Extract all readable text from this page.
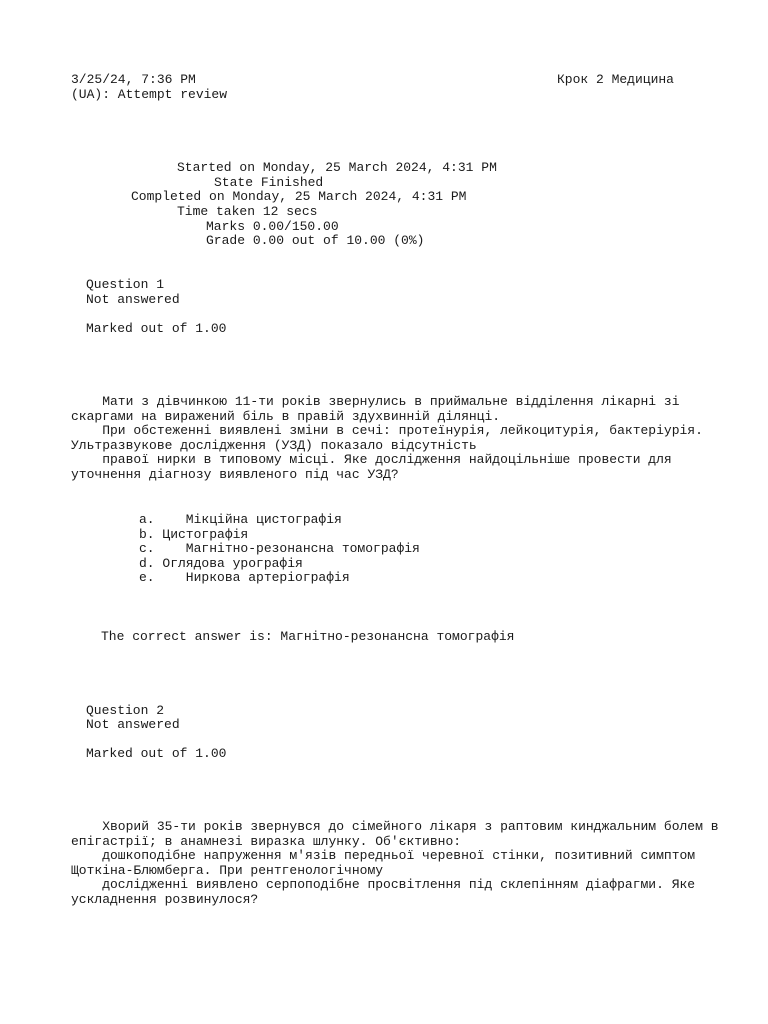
3/25/24, 7:36 PM	Крок 2 Медицина
(UA): Attempt review
Started on Monday, 25 March 2024, 4:31 PM
State Finished
Completed on Monday, 25 March 2024, 4:31 PM
Time taken 12 secs
Marks 0.00/150.00
Grade 0.00 out of 10.00 (0%)
Question 1
Not answered
Marked out of 1.00
Мати з дівчинкою 11-ти років звернулись в приймальне відділення лікарні зі
скаргами на виражений біль в правій здухвинній ділянці.
При обстеженні виявлені зміни в сечі: протеїнурія, лейкоцитурія, бактеріурія.
Ультразвукове дослідження (УЗД) показало відсутність
правої нирки в типовому місці. Яке дослідження найдоцільніше провести для
уточнення діагнозу виявленого під час УЗД?
a.    Мікційна цистографія
b. Цистографія
c.    Магнітно-резонансна томографія
d. Оглядова урографія
e.    Ниркова артеріографія
The correct answer is: Магнітно-резонансна томографія
Question 2
Not answered
Marked out of 1.00
Хворий 35-ти років звернувся до сімейного лікаря з раптовим кинджальним болем в
епігастрії; в анамнезі виразка шлунку. Об'єктивно:
дошкоподібне напруження м'язів передньої черевної стінки, позитивний симптом
Щоткіна-Блюмберга. При рентгенологічному
дослідженні виявлено серпоподібне просвітлення під склепінням діафрагми. Яке
ускладнення розвинулося?
